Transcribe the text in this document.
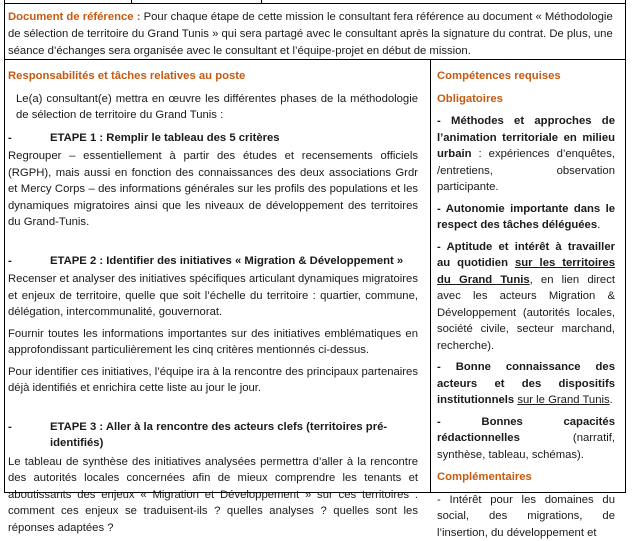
Document de référence : Pour chaque étape de cette mission le consultant fera référence au document « Méthodologie de sélection de territoire du Grand Tunis » qui sera partagé avec le consultant après la signature du contrat. De plus, une séance d’échanges sera organisée avec le consultant et l’équipe-projet en début de mission.
Responsabilités et tâches relatives au poste

Le(a) consultant(e) mettra en œuvre les différentes phases de la méthodologie de sélection de territoire du Grand Tunis :

-	ETAPE 1 : Remplir le tableau des 5 critères

Regrouper – essentiellement à partir des études et recensements officiels (RGPH), mais aussi en fonction des connaissances des deux associations Grdr et Mercy Corps – des informations générales sur les profils des populations et les dynamiques migratoires ainsi que les niveaux de développement des territoires du Grand-Tunis.

-	ETAPE 2 : Identifier des initiatives « Migration & Développement »

Recenser et analyser des initiatives spécifiques articulant dynamiques migratoires et enjeux de territoire, quelle que soit l’échelle du territoire : quartier, commune, délégation, intercommunalité, gouvernorat.

Fournir toutes les informations importantes sur des initiatives emblématiques en approfondissant particulièrement les cinq critères mentionnés ci-dessus.

Pour identifier ces initiatives, l’équipe ira à la rencontre des principaux partenaires déjà identifiés et enrichira cette liste au jour le jour.

-	ETAPE 3 : Aller à la rencontre des acteurs clefs (territoires pré-identifiés)

Le tableau de synthèse des initiatives analysées permettra d’aller à la rencontre des autorités locales concernées afin de mieux comprendre les tenants et aboutissants des enjeux « Migration et Développement » sur ces territoires : comment ces enjeux se traduisent-ils ? quelles analyses ? quelles sont les réponses adaptées ?

Compétences requises
Obligatoires

- Méthodes et approches de l’animation territoriale en milieu urbain : expériences d’enquêtes, /entretiens, observation participante.

- Autonomie importante dans le respect des tâches déléguées.

- Aptitude et intérêt à travailler au quotidien sur les territoires du Grand Tunis, en lien direct avec les acteurs Migration & Développement (autorités locales, société civile, secteur marchand, recherche).

- Bonne connaissance des acteurs et des dispositifs institutionnels sur le Grand Tunis.

- Bonnes capacités rédactionnelles (narratif, synthèse, tableau, schémas).

Complémentaires

- Intérêt pour les domaines du social, des migrations, de l’insertion, du développement et
